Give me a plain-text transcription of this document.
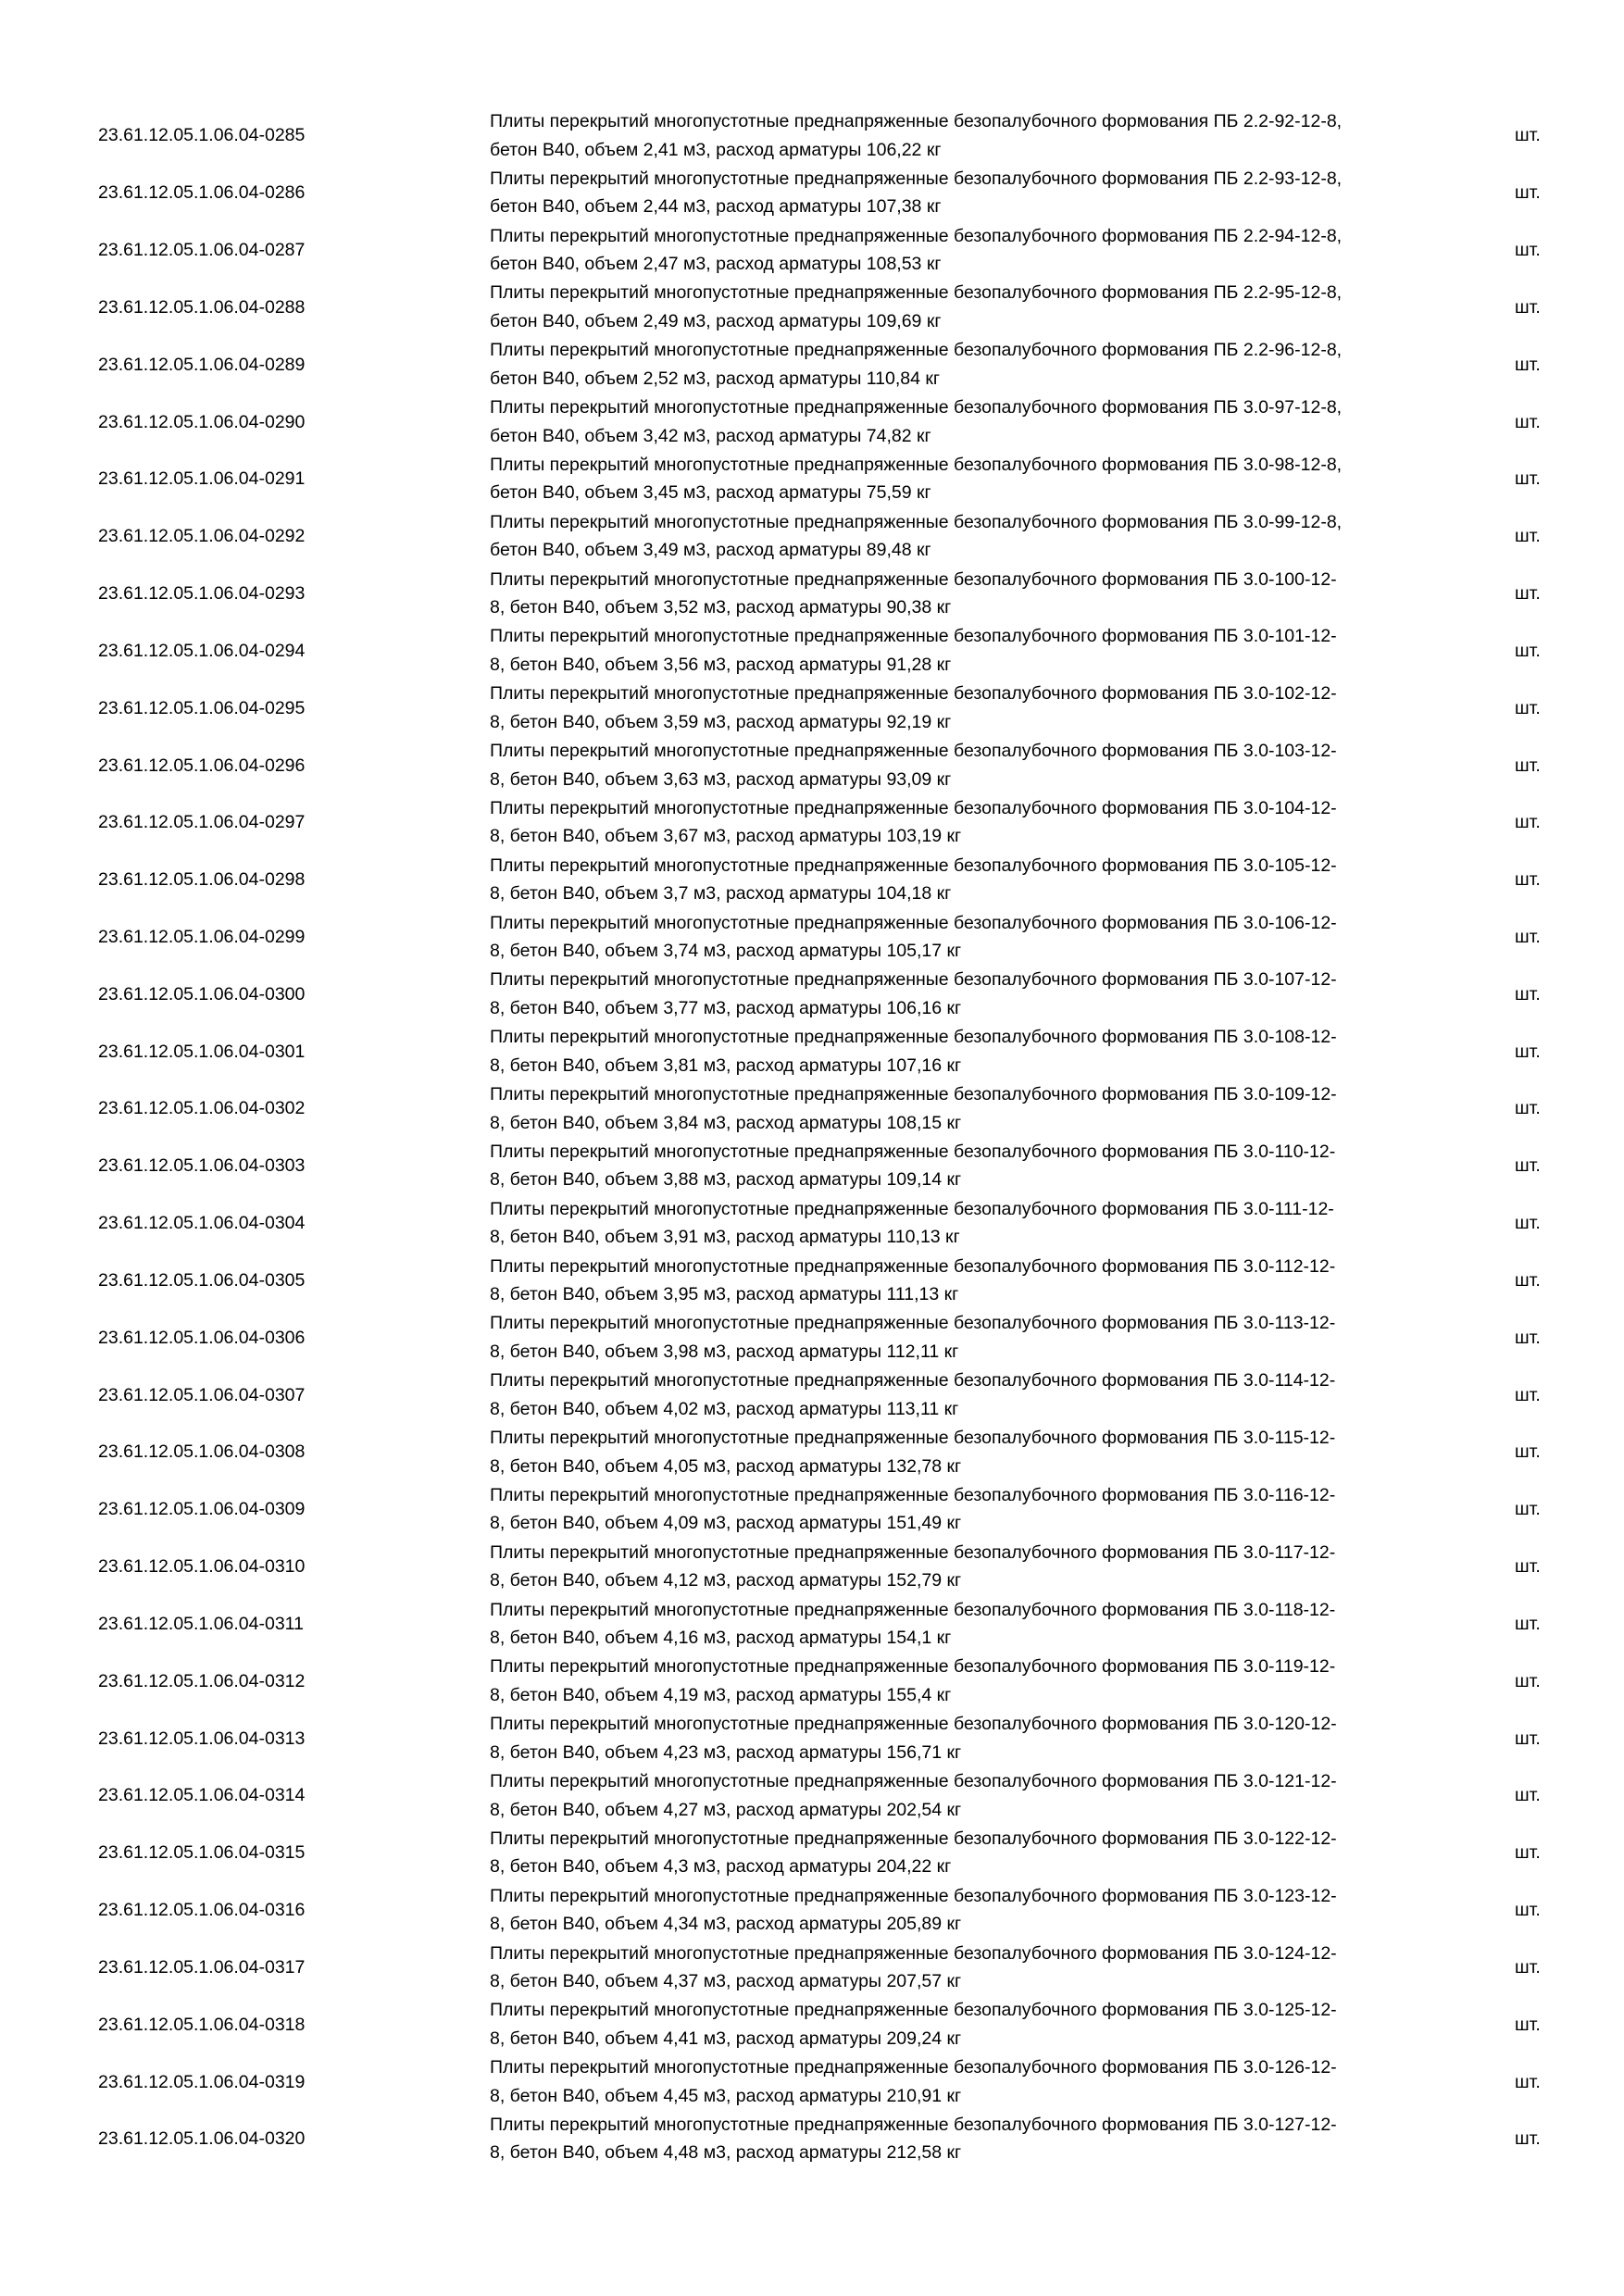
23.61.12.05.1.06.04-0285
Плиты перекрытий многопустотные преднапряженные безопалубочного формования ПБ 2.2-92-12-8,
бетон В40, объем 2,41 м3, расход арматуры 106,22 кг
шт.
23.61.12.05.1.06.04-0286
Плиты перекрытий многопустотные преднапряженные безопалубочного формования ПБ 2.2-93-12-8,
бетон В40, объем 2,44 м3, расход арматуры 107,38 кг
шт.
23.61.12.05.1.06.04-0287
Плиты перекрытий многопустотные преднапряженные безопалубочного формования ПБ 2.2-94-12-8,
бетон В40, объем 2,47 м3, расход арматуры 108,53 кг
шт.
23.61.12.05.1.06.04-0288
Плиты перекрытий многопустотные преднапряженные безопалубочного формования ПБ 2.2-95-12-8,
бетон В40, объем 2,49 м3, расход арматуры 109,69 кг
шт.
23.61.12.05.1.06.04-0289
Плиты перекрытий многопустотные преднапряженные безопалубочного формования ПБ 2.2-96-12-8,
бетон В40, объем 2,52 м3, расход арматуры 110,84 кг
шт.
23.61.12.05.1.06.04-0290
Плиты перекрытий многопустотные преднапряженные безопалубочного формования ПБ 3.0-97-12-8,
бетон В40, объем 3,42 м3, расход арматуры 74,82 кг
шт.
23.61.12.05.1.06.04-0291
Плиты перекрытий многопустотные преднапряженные безопалубочного формования ПБ 3.0-98-12-8,
бетон В40, объем 3,45 м3, расход арматуры 75,59 кг
шт.
23.61.12.05.1.06.04-0292
Плиты перекрытий многопустотные преднапряженные безопалубочного формования ПБ 3.0-99-12-8,
бетон В40, объем 3,49 м3, расход арматуры 89,48 кг
шт.
23.61.12.05.1.06.04-0293
Плиты перекрытий многопустотные преднапряженные безопалубочного формования ПБ 3.0-100-12-
8, бетон В40, объем 3,52 м3, расход арматуры 90,38 кг
шт.
23.61.12.05.1.06.04-0294
Плиты перекрытий многопустотные преднапряженные безопалубочного формования ПБ 3.0-101-12-
8, бетон В40, объем 3,56 м3, расход арматуры 91,28 кг
шт.
23.61.12.05.1.06.04-0295
Плиты перекрытий многопустотные преднапряженные безопалубочного формования ПБ 3.0-102-12-
8, бетон В40, объем 3,59 м3, расход арматуры 92,19 кг
шт.
23.61.12.05.1.06.04-0296
Плиты перекрытий многопустотные преднапряженные безопалубочного формования ПБ 3.0-103-12-
8, бетон В40, объем 3,63 м3, расход арматуры 93,09 кг
шт.
23.61.12.05.1.06.04-0297
Плиты перекрытий многопустотные преднапряженные безопалубочного формования ПБ 3.0-104-12-
8, бетон В40, объем 3,67 м3, расход арматуры 103,19 кг
шт.
23.61.12.05.1.06.04-0298
Плиты перекрытий многопустотные преднапряженные безопалубочного формования ПБ 3.0-105-12-
8, бетон В40, объем 3,7 м3, расход арматуры 104,18 кг
шт.
23.61.12.05.1.06.04-0299
Плиты перекрытий многопустотные преднапряженные безопалубочного формования ПБ 3.0-106-12-
8, бетон В40, объем 3,74 м3, расход арматуры 105,17 кг
шт.
23.61.12.05.1.06.04-0300
Плиты перекрытий многопустотные преднапряженные безопалубочного формования ПБ 3.0-107-12-
8, бетон В40, объем 3,77 м3, расход арматуры 106,16 кг
шт.
23.61.12.05.1.06.04-0301
Плиты перекрытий многопустотные преднапряженные безопалубочного формования ПБ 3.0-108-12-
8, бетон В40, объем 3,81 м3, расход арматуры 107,16 кг
шт.
23.61.12.05.1.06.04-0302
Плиты перекрытий многопустотные преднапряженные безопалубочного формования ПБ 3.0-109-12-
8, бетон В40, объем 3,84 м3, расход арматуры 108,15 кг
шт.
23.61.12.05.1.06.04-0303
Плиты перекрытий многопустотные преднапряженные безопалубочного формования ПБ 3.0-110-12-
8, бетон В40, объем 3,88 м3, расход арматуры 109,14 кг
шт.
23.61.12.05.1.06.04-0304
Плиты перекрытий многопустотные преднапряженные безопалубочного формования ПБ 3.0-111-12-
8, бетон В40, объем 3,91 м3, расход арматуры 110,13 кг
шт.
23.61.12.05.1.06.04-0305
Плиты перекрытий многопустотные преднапряженные безопалубочного формования ПБ 3.0-112-12-
8, бетон В40, объем 3,95 м3, расход арматуры 111,13 кг
шт.
23.61.12.05.1.06.04-0306
Плиты перекрытий многопустотные преднапряженные безопалубочного формования ПБ 3.0-113-12-
8, бетон В40, объем 3,98 м3, расход арматуры 112,11 кг
шт.
23.61.12.05.1.06.04-0307
Плиты перекрытий многопустотные преднапряженные безопалубочного формования ПБ 3.0-114-12-
8, бетон В40, объем 4,02 м3, расход арматуры 113,11 кг
шт.
23.61.12.05.1.06.04-0308
Плиты перекрытий многопустотные преднапряженные безопалубочного формования ПБ 3.0-115-12-
8, бетон В40, объем 4,05 м3, расход арматуры 132,78 кг
шт.
23.61.12.05.1.06.04-0309
Плиты перекрытий многопустотные преднапряженные безопалубочного формования ПБ 3.0-116-12-
8, бетон В40, объем 4,09 м3, расход арматуры 151,49 кг
шт.
23.61.12.05.1.06.04-0310
Плиты перекрытий многопустотные преднапряженные безопалубочного формования ПБ 3.0-117-12-
8, бетон В40, объем 4,12 м3, расход арматуры 152,79 кг
шт.
23.61.12.05.1.06.04-0311
Плиты перекрытий многопустотные преднапряженные безопалубочного формования ПБ 3.0-118-12-
8, бетон В40, объем 4,16 м3, расход арматуры 154,1 кг
шт.
23.61.12.05.1.06.04-0312
Плиты перекрытий многопустотные преднапряженные безопалубочного формования ПБ 3.0-119-12-
8, бетон В40, объем 4,19 м3, расход арматуры 155,4 кг
шт.
23.61.12.05.1.06.04-0313
Плиты перекрытий многопустотные преднапряженные безопалубочного формования ПБ 3.0-120-12-
8, бетон В40, объем 4,23 м3, расход арматуры 156,71 кг
шт.
23.61.12.05.1.06.04-0314
Плиты перекрытий многопустотные преднапряженные безопалубочного формования ПБ 3.0-121-12-
8, бетон В40, объем 4,27 м3, расход арматуры 202,54 кг
шт.
23.61.12.05.1.06.04-0315
Плиты перекрытий многопустотные преднапряженные безопалубочного формования ПБ 3.0-122-12-
8, бетон В40, объем 4,3 м3, расход арматуры 204,22 кг
шт.
23.61.12.05.1.06.04-0316
Плиты перекрытий многопустотные преднапряженные безопалубочного формования ПБ 3.0-123-12-
8, бетон В40, объем 4,34 м3, расход арматуры 205,89 кг
шт.
23.61.12.05.1.06.04-0317
Плиты перекрытий многопустотные преднапряженные безопалубочного формования ПБ 3.0-124-12-
8, бетон В40, объем 4,37 м3, расход арматуры 207,57 кг
шт.
23.61.12.05.1.06.04-0318
Плиты перекрытий многопустотные преднапряженные безопалубочного формования ПБ 3.0-125-12-
8, бетон В40, объем 4,41 м3, расход арматуры 209,24 кг
шт.
23.61.12.05.1.06.04-0319
Плиты перекрытий многопустотные преднапряженные безопалубочного формования ПБ 3.0-126-12-
8, бетон В40, объем 4,45 м3, расход арматуры 210,91 кг
шт.
23.61.12.05.1.06.04-0320
Плиты перекрытий многопустотные преднапряженные безопалубочного формования ПБ 3.0-127-12-
8, бетон В40, объем 4,48 м3, расход арматуры 212,58 кг
шт.
